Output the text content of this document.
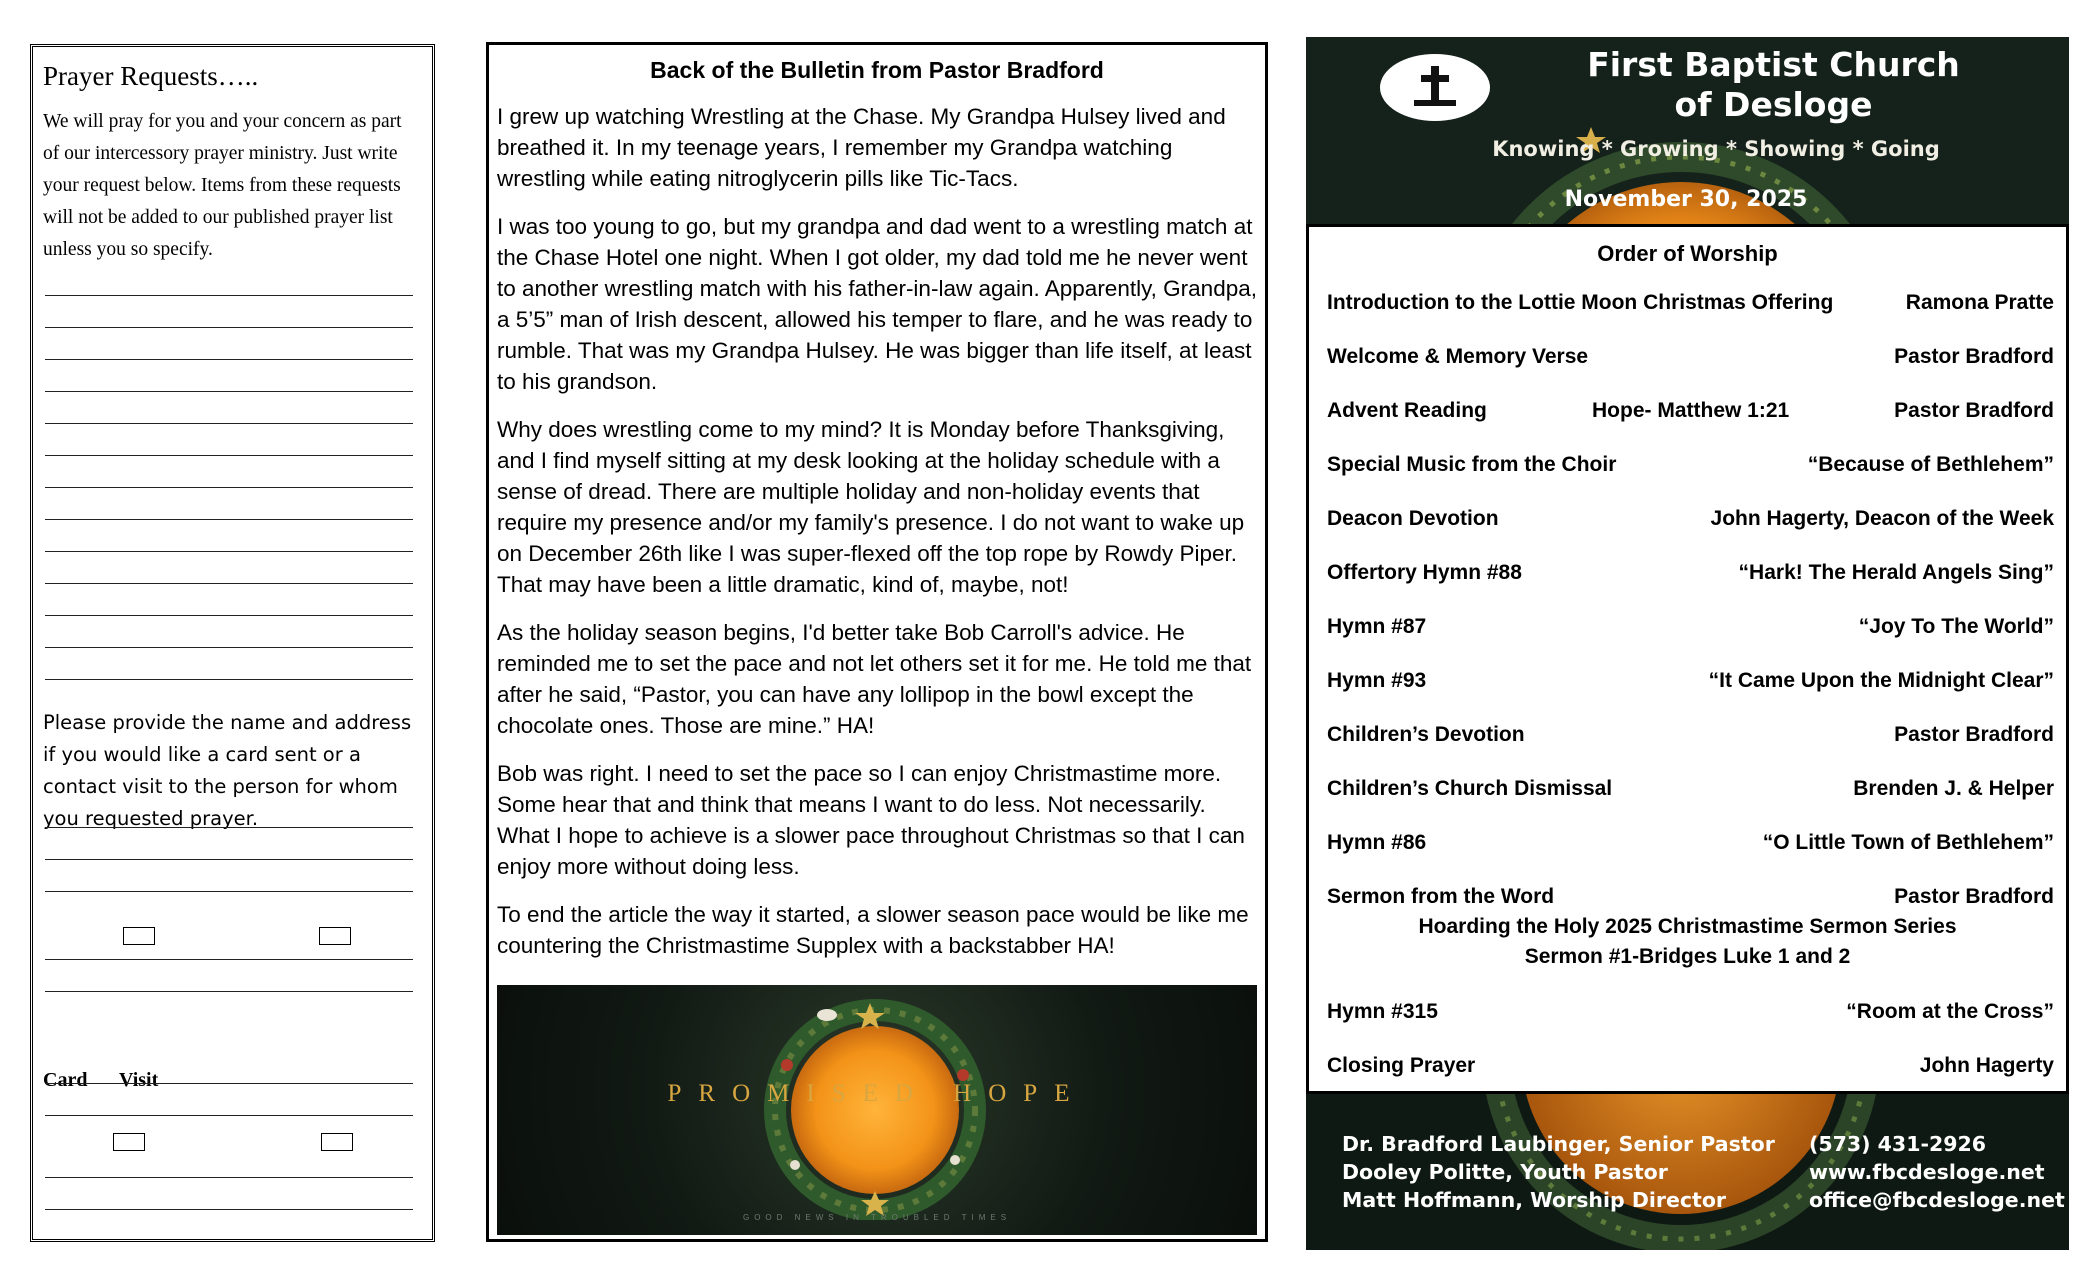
Prayer Requests…..

We will pray for you and your concern as part of our intercessory prayer ministry. Just write your request below. Items from these requests will not be added to our published prayer list unless you so specify.

Please provide the name and address if you would like a card sent or a contact visit to the person for whom you requested prayer.

Card Visit
Back of the Bulletin from Pastor Bradford

I grew up watching Wrestling at the Chase. My Grandpa Hulsey lived and breathed it. In my teenage years, I remember my Grandpa watching wrestling while eating nitroglycerin pills like Tic-Tacs.

I was too young to go, but my grandpa and dad went to a wrestling match at the Chase Hotel one night. When I got older, my dad told me he never went to another wrestling match with his father-in-law again. Apparently, Grandpa, a 5’5” man of Irish descent, allowed his temper to flare, and he was ready to rumble. That was my Grandpa Hulsey. He was bigger than life itself, at least to his grandson.

Why does wrestling come to my mind? It is Monday before Thanksgiving, and I find myself sitting at my desk looking at the holiday schedule with a sense of dread. There are multiple holiday and non-holiday events that require my presence and/or my family's presence. I do not want to wake up on December 26th like I was super-flexed off the top rope by Rowdy Piper. That may have been a little dramatic, kind of, maybe, not!

As the holiday season begins, I'd better take Bob Carroll's advice. He reminded me to set the pace and not let others set it for me. He told me that after he said, “Pastor, you can have any lollipop in the bowl except the chocolate ones. Those are mine.” HA!

Bob was right. I need to set the pace so I can enjoy Christmastime more. Some hear that and think that means I want to do less. Not necessarily. What I hope to achieve is a slower pace throughout Christmas so that I can enjoy more without doing less.

To end the article the way it started, a slower season pace would be like me countering the Christmastime Supplex with a backstabber HA!

PROMISED HOPE
GOOD NEWS IN TROUBLED TIMES
First Baptist Church
of Desloge
Knowing * Growing * Showing * Going
November 30, 2025
Order of Worship
Introduction to the Lottie Moon Christmas Offering	Ramona Pratte
Welcome & Memory Verse	Pastor Bradford
Advent Reading	Hope- Matthew 1:21	Pastor Bradford
Special Music from the Choir	“Because of Bethlehem”
Deacon Devotion	John Hagerty, Deacon of the Week
Offertory Hymn #88	“Hark! The Herald Angels Sing”
Hymn #87	“Joy To The World”
Hymn #93	“It Came Upon the Midnight Clear”
Children’s Devotion	Pastor Bradford
Children’s Church Dismissal	Brenden J. & Helper
Hymn #86	“O Little Town of Bethlehem”
Sermon from the Word	Pastor Bradford
Hoarding the Holy 2025 Christmastime Sermon Series
Sermon #1-Bridges Luke 1 and 2
Hymn #315	“Room at the Cross”
Closing Prayer	John Hagerty
Dr. Bradford Laubinger, Senior Pastor
Dooley Politte, Youth Pastor
Matt Hoffmann, Worship Director
(573) 431-2926
www.fbcdesloge.net
office@fbcdesloge.net
